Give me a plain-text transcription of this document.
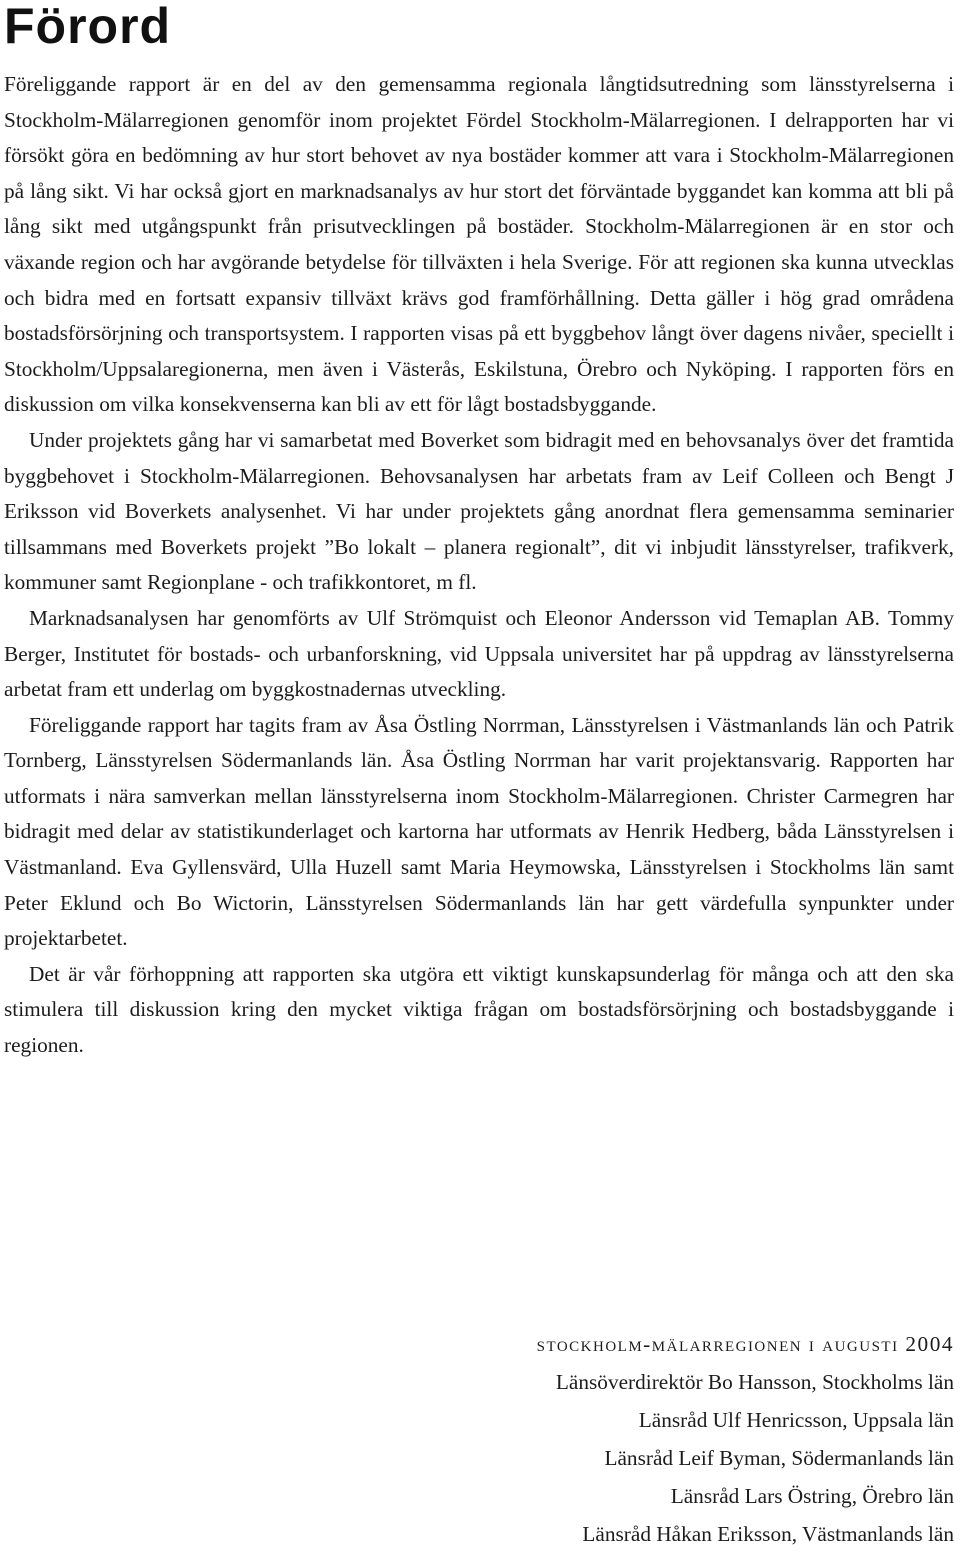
Förord

Föreliggande rapport är en del av den gemensamma regionala långtidsutredning som länsstyrelserna i Stockholm-Mälarregionen genomför inom projektet Fördel Stockholm-Mälarregionen. I delrapporten har vi försökt göra en bedömning av hur stort behovet av nya bostäder kommer att vara i Stockholm-Mälarregionen på lång sikt. Vi har också gjort en marknadsanalys av hur stort det förväntade byggandet kan komma att bli på lång sikt med utgångspunkt från prisutvecklingen på bostäder. Stockholm-Mälarregionen är en stor och växande region och har avgörande betydelse för tillväxten i hela Sverige. För att regionen ska kunna utvecklas och bidra med en fortsatt expansiv tillväxt krävs god framförhållning. Detta gäller i hög grad områdena bostadsförsörjning och transportsystem. I rapporten visas på ett byggbehov långt över dagens nivåer, speciellt i Stockholm/Uppsalaregionerna, men även i Västerås, Eskilstuna, Örebro och Nyköping. I rapporten förs en diskussion om vilka konsekvenserna kan bli av ett för lågt bostadsbyggande.

Under projektets gång har vi samarbetat med Boverket som bidragit med en behovsanalys över det framtida byggbehovet i Stockholm-Mälarregionen. Behovsanalysen har arbetats fram av Leif Colleen och Bengt J Eriksson vid Boverkets analysenhet. Vi har under projektets gång anordnat flera gemensamma seminarier tillsammans med Boverkets projekt ”Bo lokalt – planera regionalt”, dit vi inbjudit länsstyrelser, trafikverk, kommuner samt Regionplane - och trafikkontoret, m fl.

Marknadsanalysen har genomförts av Ulf Strömquist och Eleonor Andersson vid Temaplan AB. Tommy Berger, Institutet för bostads- och urbanforskning, vid Uppsala universitet har på uppdrag av länsstyrelserna arbetat fram ett underlag om byggkostnadernas utveckling.

Föreliggande rapport har tagits fram av Åsa Östling Norrman, Länsstyrelsen i Västmanlands län och Patrik Tornberg, Länsstyrelsen Södermanlands län. Åsa Östling Norrman har varit projektansvarig. Rapporten har utformats i nära samverkan mellan länsstyrelserna inom Stockholm-Mälarregionen. Christer Carmegren har bidragit med delar av statistikunderlaget och kartorna har utformats av Henrik Hedberg, båda Länsstyrelsen i Västmanland. Eva Gyllensvärd, Ulla Huzell samt Maria Heymowska, Länsstyrelsen i Stockholms län samt Peter Eklund och Bo Wictorin, Länsstyrelsen Södermanlands län har gett värdefulla synpunkter under projektarbetet.

Det är vår förhoppning att rapporten ska utgöra ett viktigt kunskapsunderlag för många och att den ska stimulera till diskussion kring den mycket viktiga frågan om bostadsförsörjning och bostadsbyggande i regionen.

stockholm-mälarregionen i augusti 2004
Länsöverdirektör Bo Hansson, Stockholms län
Länsråd Ulf Henricsson, Uppsala län
Länsråd Leif Byman, Södermanlands län
Länsråd Lars Östring, Örebro län
Länsråd Håkan Eriksson, Västmanlands län
